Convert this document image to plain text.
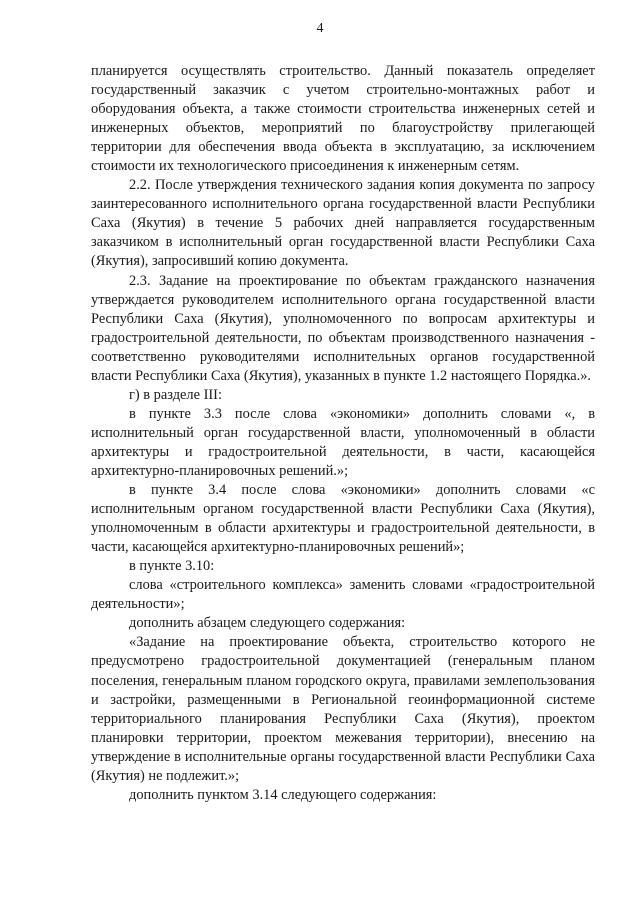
4

планируется осуществлять строительство. Данный показатель определяет государственный заказчик с учетом строительно-монтажных работ и оборудования объекта, а также стоимости строительства инженерных сетей и инженерных объектов, мероприятий по благоустройству прилегающей территории для обеспечения ввода объекта в эксплуатацию, за исключением стоимости их технологического присоединения к инженерным сетям.

2.2. После утверждения технического задания копия документа по запросу заинтересованного исполнительного органа государственной власти Республики Саха (Якутия) в течение 5 рабочих дней направляется государственным заказчиком в исполнительный орган государственной власти Республики Саха (Якутия), запросивший копию документа.

2.3. Задание на проектирование по объектам гражданского назначения утверждается руководителем исполнительного органа государственной власти Республики Саха (Якутия), уполномоченного по вопросам архитектуры и градостроительной деятельности, по объектам производственного назначения - соответственно руководителями исполнительных органов государственной власти Республики Саха (Якутия), указанных в пункте 1.2 настоящего Порядка.».

г) в разделе III:

в пункте 3.3 после слова «экономики» дополнить словами «, в исполнительный орган государственной власти, уполномоченный в области архитектуры и градостроительной деятельности, в части, касающейся архитектурно-планировочных решений.»;

в пункте 3.4 после слова «экономики» дополнить словами «с исполнительным органом государственной власти Республики Саха (Якутия), уполномоченным в области архитектуры и градостроительной деятельности, в части, касающейся архитектурно-планировочных решений»;

в пункте 3.10:

слова «строительного комплекса» заменить словами «градостроительной деятельности»;

дополнить абзацем следующего содержания:

«Задание на проектирование объекта, строительство которого не предусмотрено градостроительной документацией (генеральным планом поселения, генеральным планом городского округа, правилами землепользования и застройки, размещенными в Региональной геоинформационной системе территориального планирования Республики Саха (Якутия), проектом планировки территории, проектом межевания территории), внесению на утверждение в исполнительные органы государственной власти Республики Саха (Якутия) не подлежит.»;

дополнить пунктом 3.14 следующего содержания:
